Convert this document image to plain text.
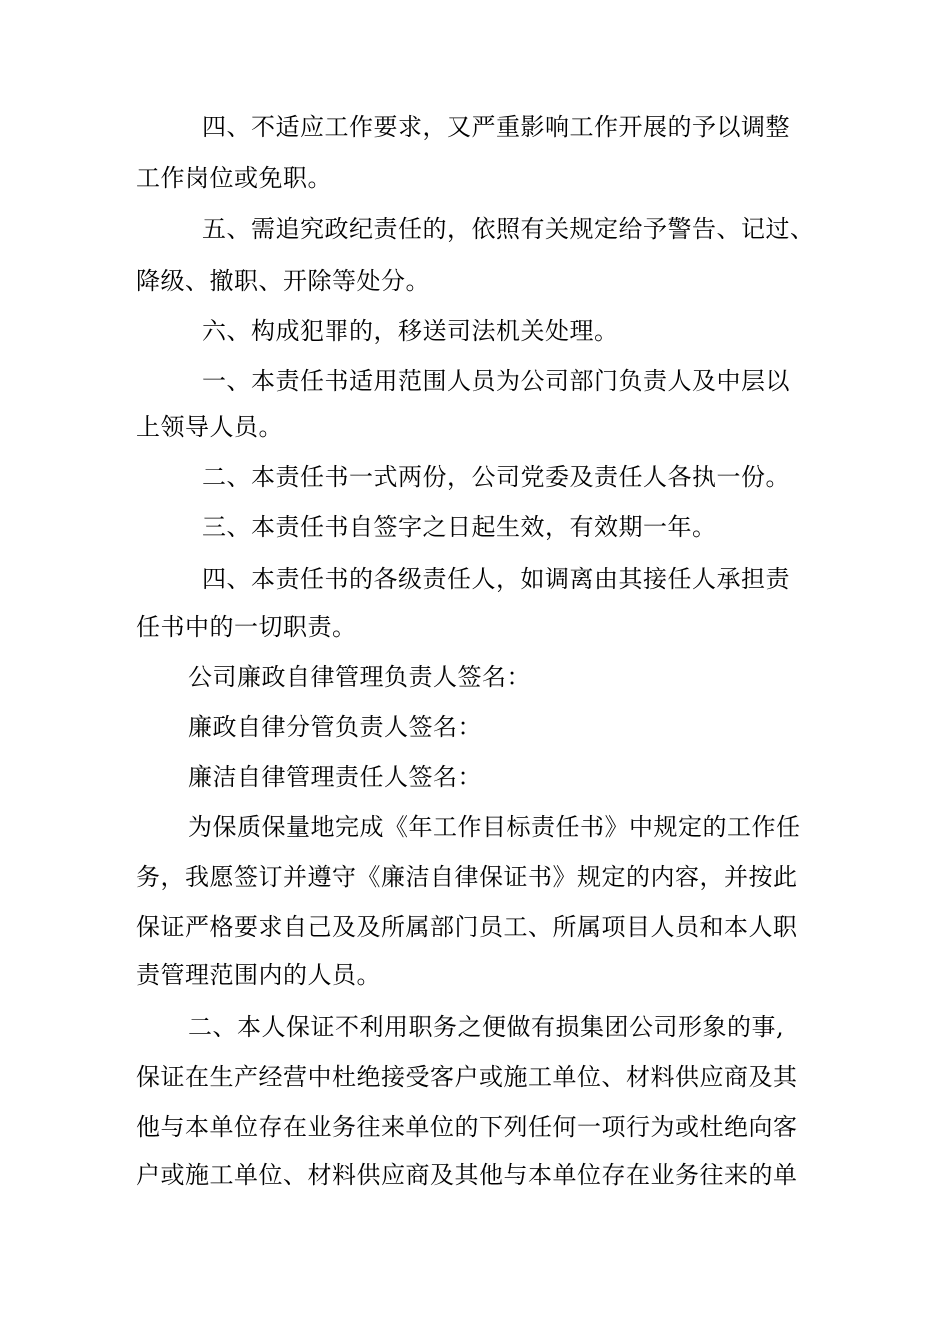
四、不适应工作要求，又严重影响工作开展的予以调整
工作岗位或免职。
五、需追究政纪责任的，依照有关规定给予警告、记过、
降级、撤职、开除等处分。
六、构成犯罪的，移送司法机关处理。
一、本责任书适用范围人员为公司部门负责人及中层以
上领导人员。
二、本责任书一式两份，公司党委及责任人各执一份。
三、本责任书自签字之日起生效，有效期一年。
四、本责任书的各级责任人，如调离由其接任人承担责
任书中的一切职责。
公司廉政自律管理负责人签名：
廉政自律分管负责人签名：
廉洁自律管理责任人签名：
为保质保量地完成《年工作目标责任书》中规定的工作任
务，我愿签订并遵守《廉洁自律保证书》规定的内容，并按此
保证严格要求自己及及所属部门员工、所属项目人员和本人职
责管理范围内的人员。
二、本人保证不利用职务之便做有损集团公司形象的事,
保证在生产经营中杜绝接受客户或施工单位、材料供应商及其
他与本单位存在业务往来单位的下列任何一项行为或杜绝向客
户或施工单位、材料供应商及其他与本单位存在业务往来的单
